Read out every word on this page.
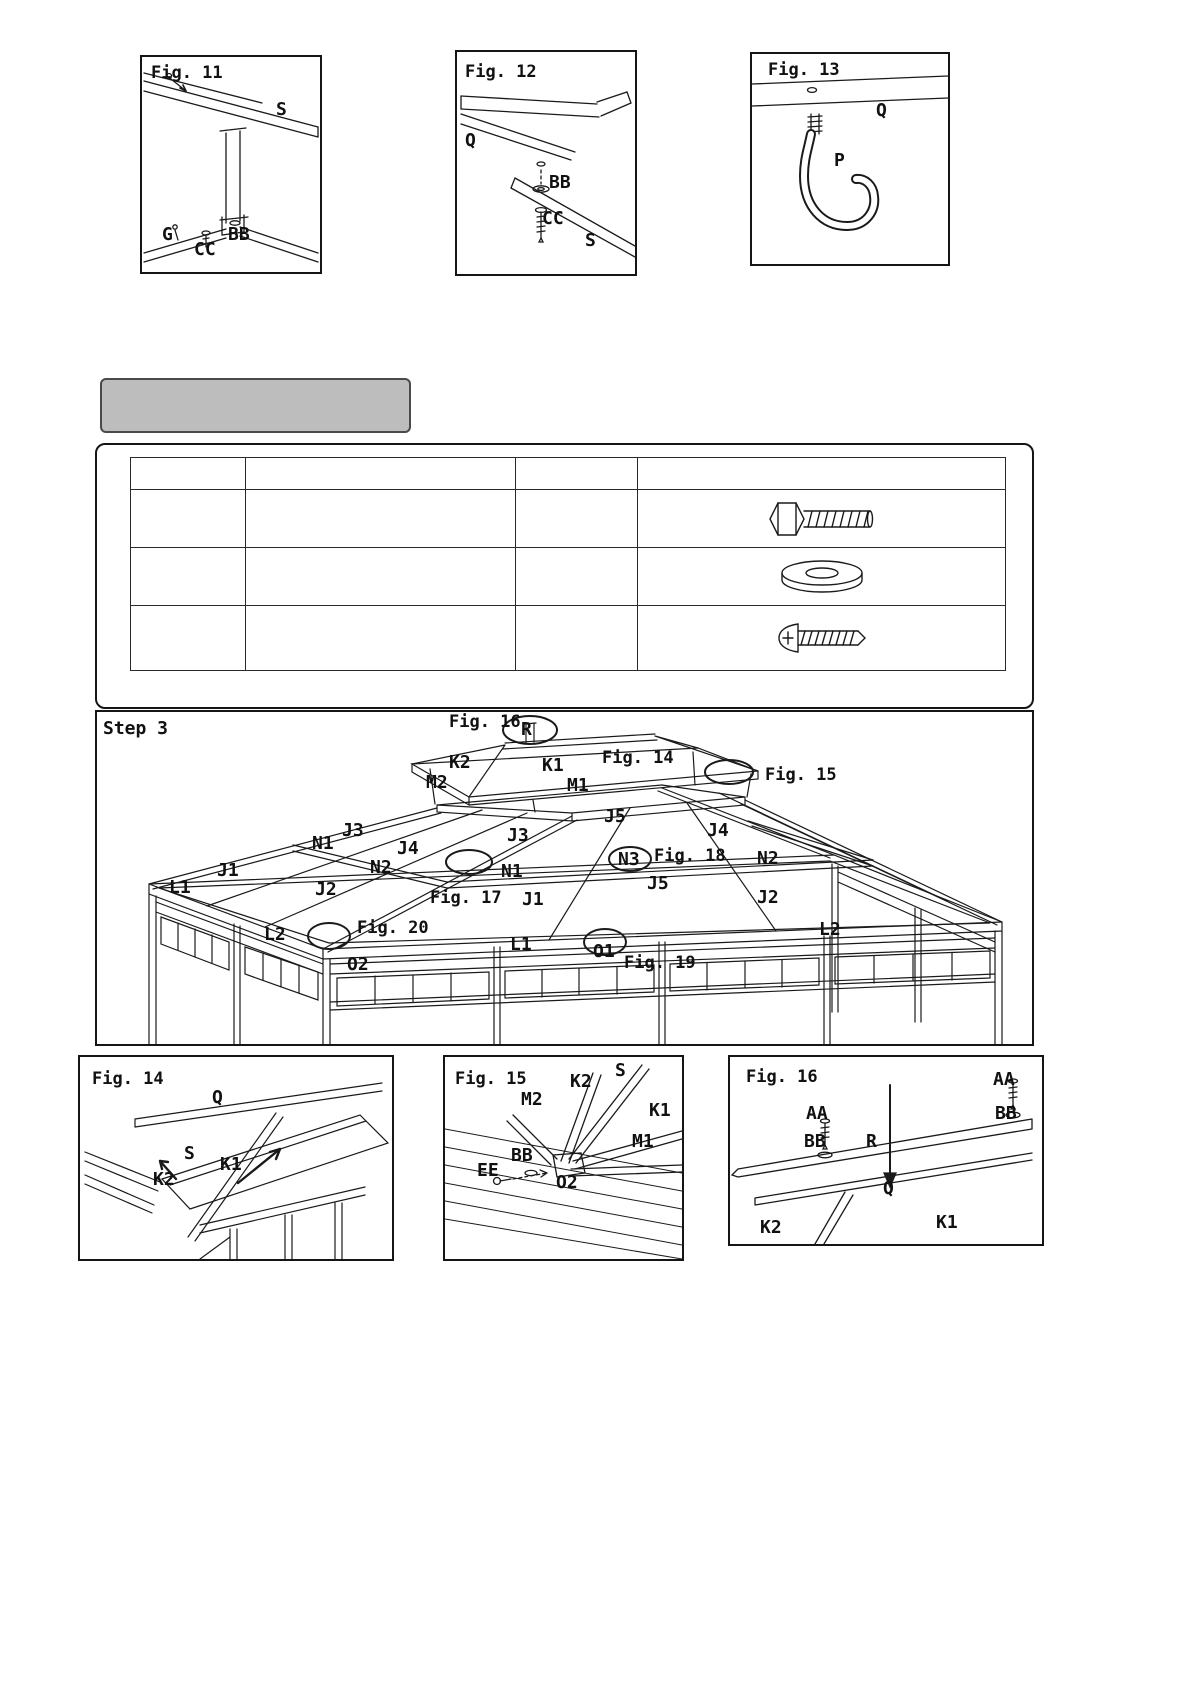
Fig. 11
S
G
CC
BB
Fig. 12
Q
BB
CC
S
Fig. 13
Q
P
Step 3	Fig. 16 R
K2	K1 Fig. 14
M2	M1	Fig. 15
J5
N1
J3
J4
J3	J4
N2
Fig. 18
N3
N2	N1
J1
L1	J2	J5
Fig. 17 J1	J2
L2	Fig. 20
L1	O1
L2
O2	Fig. 19
Fig. 14
Q
S
K2
K1
Fig. 15 K2
S
M2
K1
M1
BB
EE
O2
Fig. 16	AA
AA	BB
BB R
Q
K2	K1
